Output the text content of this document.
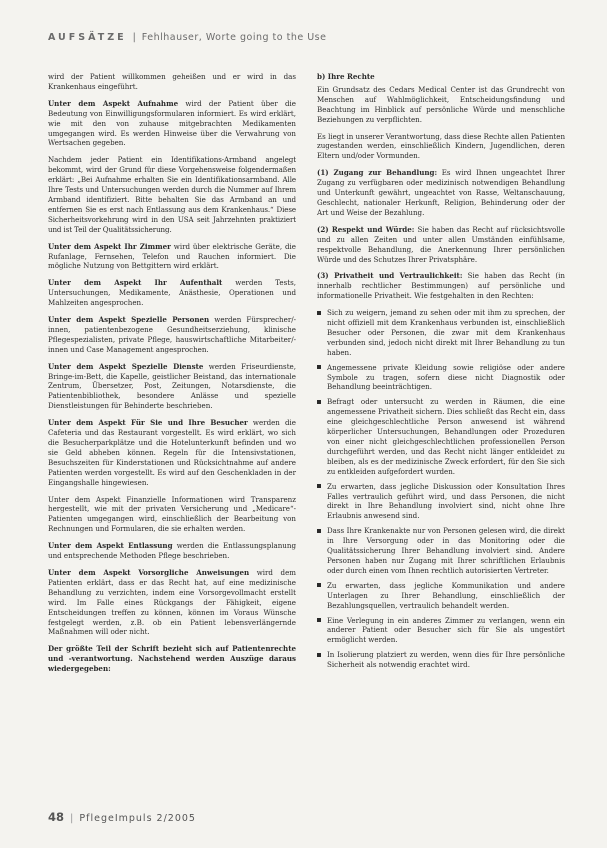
AUFSÄTZE | Fehlhauser, Worte going to the Use

wird der Patient willkommen geheißen und er wird in das Krankenhaus eingeführt.

Unter dem Aspekt Aufnahme wird der Patient über die Bedeutung von Einwilligungsformularen informiert. Es wird erklärt, wie mit den von zuhause mitgebrachten Medikamenten umgegangen wird. Es werden Hinweise über die Verwahrung von Wertsachen gegeben.

Nachdem jeder Patient ein Identifikations-Armband angelegt bekommt, wird der Grund für diese Vorgehensweise folgendermaßen erklärt: „Bei Aufnahme erhalten Sie ein Identifikationsarmband. Alle Ihre Tests und Untersuchungen werden durch die Nummer auf Ihrem Armband identifiziert. Bitte behalten Sie das Armband an und entfernen Sie es erst nach Entlassung aus dem Krankenhaus.“ Diese Sicherheitsvorkehrung wird in den USA seit Jahrzehnten praktiziert und ist Teil der Qualitätssicherung.

Unter dem Aspekt Ihr Zimmer wird über elektrische Geräte, die Rufanlage, Fernsehen, Telefon und Rauchen informiert. Die mögliche Nutzung von Bettgittern wird erklärt.

Unter dem Aspekt Ihr Aufenthalt werden Tests, Untersuchungen, Medikamente, Anästhesie, Operationen und Mahlzeiten angesprochen.

Unter dem Aspekt Spezielle Personen werden Fürsprecher/-innen, patientenbezogene Gesundheitserziehung, klinische Pflegespezialisten, private Pflege, hauswirtschaftliche Mitarbeiter/-innen und Case Management angesprochen.

Unter dem Aspekt Spezielle Dienste werden Friseurdienste, Bringe-im-Bett, die Kapelle, geistlicher Beistand, das internationale Zentrum, Übersetzer, Post, Zeitungen, Notarsdienste, die Patientenbibliothek, besondere Anlässe und spezielle Dienstleistungen für Behinderte beschrieben.

Unter dem Aspekt Für Sie und Ihre Besucher werden die Cafeteria und das Restaurant vorgestellt. Es wird erklärt, wo sich die Besucherparkplätze und die Hotelunterkunft befinden und wo sie Geld abheben können. Regeln für die Intensivstationen, Besuchszeiten für Kinderstationen und Rücksichtnahme auf andere Patienten werden vorgestellt. Es wird auf den Geschenkladen in der Eingangshalle hingewiesen.

Unter dem Aspekt Finanzielle Informationen wird Transparenz hergestellt, wie mit der privaten Versicherung und „Medicare“-Patienten umgegangen wird, einschließlich der Bearbeitung von Rechnungen und Formularen, die sie erhalten werden.

Unter dem Aspekt Entlassung werden die Entlassungsplanung und entsprechende Methoden Pflege beschrieben.

Unter dem Aspekt Vorsorgliche Anweisungen wird dem Patienten erklärt, dass er das Recht hat, auf eine medizinische Behandlung zu verzichten, indem eine Vorsorgevollmacht erstellt wird. Im Falle eines Rückgangs der Fähigkeit, eigene Entscheidungen treffen zu können, können im Voraus Wünsche festgelegt werden, z.B. ob ein Patient lebensverlängernde Maßnahmen will oder nicht.

Der größte Teil der Schrift bezieht sich auf Patientenrechte und -verantwortung. Nachstehend werden Auszüge daraus wiedergegeben:

b) Ihre Rechte

Ein Grundsatz des Cedars Medical Center ist das Grundrecht von Menschen auf Wahlmöglichkeit, Entscheidungsfindung und Beachtung im Hinblick auf persönliche Würde und menschliche Beziehungen zu verpflichten.

Es liegt in unserer Verantwortung, dass diese Rechte allen Patienten zugestanden werden, einschließlich Kindern, Jugendlichen, deren Eltern und/oder Vormunden.

(1) Zugang zur Behandlung: Es wird Ihnen ungeachtet Ihrer Zugang zu verfügbaren oder medizinisch notwendigen Behandlung und Unterkunft gewährt, ungeachtet von Rasse, Weltanschauung, Geschlecht, nationaler Herkunft, Religion, Behinderung oder der Art und Weise der Bezahlung.

(2) Respekt und Würde: Sie haben das Recht auf rücksichtsvolle und zu allen Zeiten und unter allen Umständen einfühlsame, respektvolle Behandlung, die Anerkennung Ihrer persönlichen Würde und des Schutzes Ihrer Privatsphäre.

(3) Privatheit und Vertraulichkeit: Sie haben das Recht (in innerhalb rechtlicher Bestimmungen) auf persönliche und informationelle Privatheit. Wie festgehalten in den Rechten:

Sich zu weigern, jemand zu sehen oder mit ihm zu sprechen, der nicht offiziell mit dem Krankenhaus verbunden ist, einschließlich Besucher oder Personen, die zwar mit dem Krankenhaus verbunden sind, jedoch nicht direkt mit Ihrer Behandlung zu tun haben.
Angemessene private Kleidung sowie religiöse oder andere Symbole zu tragen, sofern diese nicht Diagnostik oder Behandlung beeinträchtigen.
Befragt oder untersucht zu werden in Räumen, die eine angemessene Privatheit sichern. Dies schließt das Recht ein, dass eine gleichgeschlechtliche Person anwesend ist während körperlicher Untersuchungen, Behandlungen oder Prozeduren von einer nicht gleichgeschlechtlichen professionellen Person durchgeführt werden, und das Recht nicht länger entkleidet zu bleiben, als es der medizinische Zweck erfordert, für den Sie sich zu entkleiden aufgefordert wurden.
Zu erwarten, dass jegliche Diskussion oder Konsultation Ihres Falles vertraulich geführt wird, und dass Personen, die nicht direkt in Ihre Behandlung involviert sind, nicht ohne Ihre Erlaubnis anwesend sind.
Dass Ihre Krankenakte nur von Personen gelesen wird, die direkt in Ihre Versorgung oder in das Monitoring oder die Qualitätssicherung Ihrer Behandlung involviert sind. Andere Personen haben nur Zugang mit Ihrer schriftlichen Erlaubnis oder durch einen vom Ihnen rechtlich autorisierten Vertreter.
Zu erwarten, dass jegliche Kommunikation und andere Unterlagen zu Ihrer Behandlung, einschließlich der Bezahlungsquellen, vertraulich behandelt werden.
Eine Verlegung in ein anderes Zimmer zu verlangen, wenn ein anderer Patient oder Besucher sich für Sie als ungestört ermöglicht werden.
In Isolierung platziert zu werden, wenn dies für Ihre persönliche Sicherheit als notwendig erachtet wird.
48 | PflegeImpuls 2/2005
